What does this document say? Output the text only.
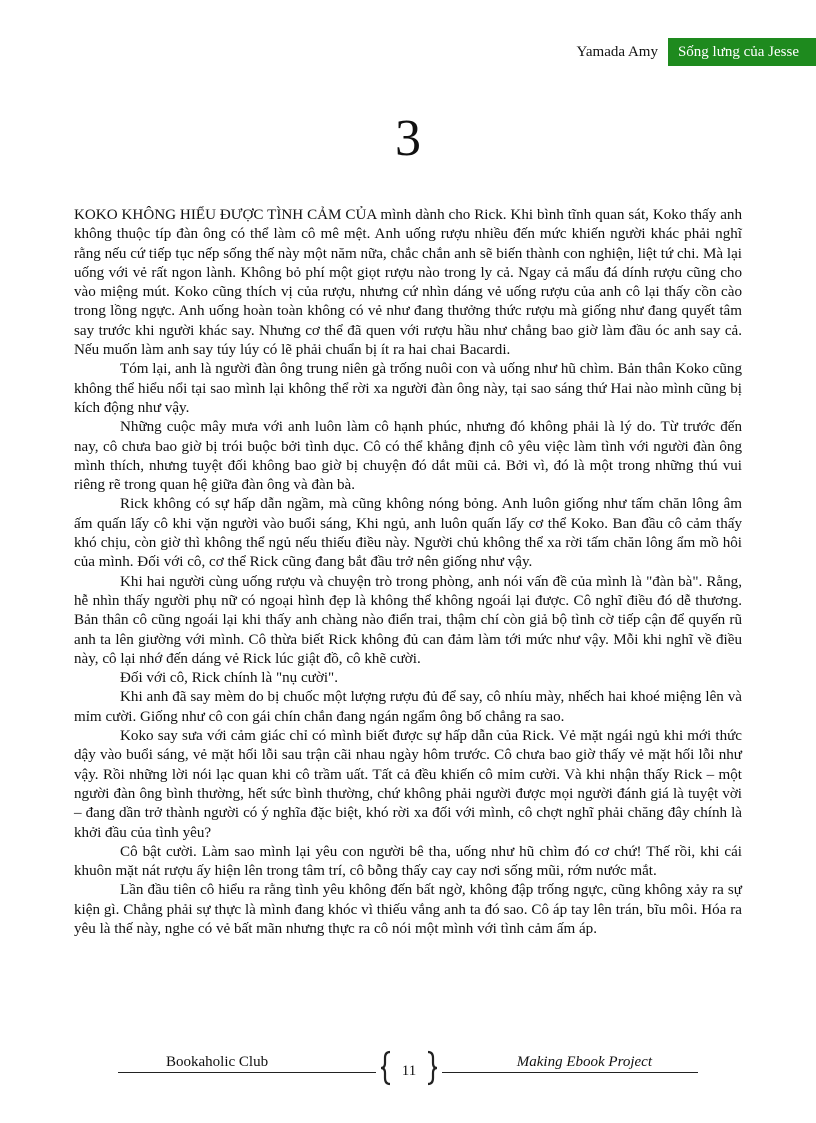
Yamada Amy	Sống lưng của Jesse
3

KOKO KHÔNG HIỂU ĐƯỢC TÌNH CẢM CỦA mình dành cho Rick. Khi bình tĩnh quan sát, Koko thấy anh không thuộc típ đàn ông có thể làm cô mê mệt. Anh uống rượu nhiều đến mức khiến người khác phải nghĩ rằng nếu cứ tiếp tục nếp sống thế này một năm nữa, chắc chắn anh sẽ biến thành con nghiện, liệt tứ chi. Mà lại uống với vẻ rất ngon lành. Không bỏ phí một giọt rượu nào trong ly cả. Ngay cả mẩu đá dính rượu cũng cho vào miệng mút. Koko cũng thích vị của rượu, nhưng cứ nhìn dáng vẻ uống rượu của anh cô lại thấy cồn cào trong lồng ngực. Anh uống hoàn toàn không có vẻ như đang thưởng thức rượu mà giống như đang quyết tâm say trước khi người khác say. Nhưng cơ thể đã quen với rượu hầu như chẳng bao giờ làm đầu óc anh say cả. Nếu muốn làm anh say túy lúy có lẽ phải chuẩn bị ít ra hai chai Bacardi.

Tóm lại, anh là người đàn ông trung niên gà trống nuôi con và uống như hũ chìm. Bản thân Koko cũng không thể hiểu nổi tại sao mình lại không thể rời xa người đàn ông này, tại sao sáng thứ Hai nào mình cũng bị kích động như vậy.

Những cuộc mây mưa với anh luôn làm cô hạnh phúc, nhưng đó không phải là lý do. Từ trước đến nay, cô chưa bao giờ bị trói buộc bởi tình dục. Cô có thể khẳng định cô yêu việc làm tình với người đàn ông mình thích, nhưng tuyệt đối không bao giờ bị chuyện đó dắt mũi cả. Bởi vì, đó là một trong những thú vui riêng rẽ trong quan hệ giữa đàn ông và đàn bà.

Rick không có sự hấp dẫn ngầm, mà cũng không nóng bỏng. Anh luôn giống như tấm chăn lông âm ấm quấn lấy cô khi vặn người vào buổi sáng, Khi ngủ, anh luôn quấn lấy cơ thể Koko. Ban đầu cô cảm thấy khó chịu, còn giờ thì không thể ngủ nếu thiếu điều này. Người chủ không thể xa rời tấm chăn lông ẩm mồ hôi của mình. Đối với cô, cơ thể Rick cũng đang bắt đầu trở nên giống như vậy.

Khi hai người cùng uống rượu và chuyện trò trong phòng, anh nói vấn đề của mình là "đàn bà". Rằng, hễ nhìn thấy người phụ nữ có ngoại hình đẹp là không thể không ngoái lại được. Cô nghĩ điều đó dễ thương. Bản thân cô cũng ngoái lại khi thấy anh chàng nào điển trai, thậm chí còn giả bộ tình cờ tiếp cận để quyến rũ anh ta lên giường với mình. Cô thừa biết Rick không đủ can đảm làm tới mức như vậy. Mỗi khi nghĩ về điều này, cô lại nhớ đến dáng vẻ Rick lúc giật đồ, cô khẽ cười.

Đối với cô, Rick chính là "nụ cười".

Khi anh đã say mèm do bị chuốc một lượng rượu đủ để say, cô nhíu mày, nhếch hai khoé miệng lên và mỉm cười. Giống như cô con gái chín chắn đang ngán ngẩm ông bố chẳng ra sao.

Koko say sưa với cảm giác chỉ có mình biết được sự hấp dẫn của Rick. Vẻ mặt ngái ngủ khi mới thức dậy vào buổi sáng, vẻ mặt hối lỗi sau trận cãi nhau ngày hôm trước. Cô chưa bao giờ thấy vẻ mặt hối lỗi như vậy. Rồi những lời nói lạc quan khi cô trầm uất. Tất cả đều khiến cô mỉm cười. Và khi nhận thấy Rick – một người đàn ông bình thường, hết sức bình thường, chứ không phải người được mọi người đánh giá là tuyệt vời – đang dần trở thành người có ý nghĩa đặc biệt, khó rời xa đối với mình, cô chợt nghĩ phải chăng đây chính là khởi đầu của tình yêu?

Cô bật cười. Làm sao mình lại yêu con người bê tha, uống như hũ chìm đó cơ chứ! Thế rồi, khi cái khuôn mặt nát rượu ấy hiện lên trong tâm trí, cô bỗng thấy cay cay nơi sống mũi, rớm nước mắt.

Lần đầu tiên cô hiểu ra rằng tình yêu không đến bất ngờ, không đập trống ngực, cũng không xảy ra sự kiện gì. Chẳng phải sự thực là mình đang khóc vì thiếu vắng anh ta đó sao. Cô áp tay lên trán, bĩu môi. Hóa ra yêu là thế này, nghe có vẻ bất mãn nhưng thực ra cô nói một mình với tình cảm ấm áp.

Bookaholic Club	Making Ebook Project
11
